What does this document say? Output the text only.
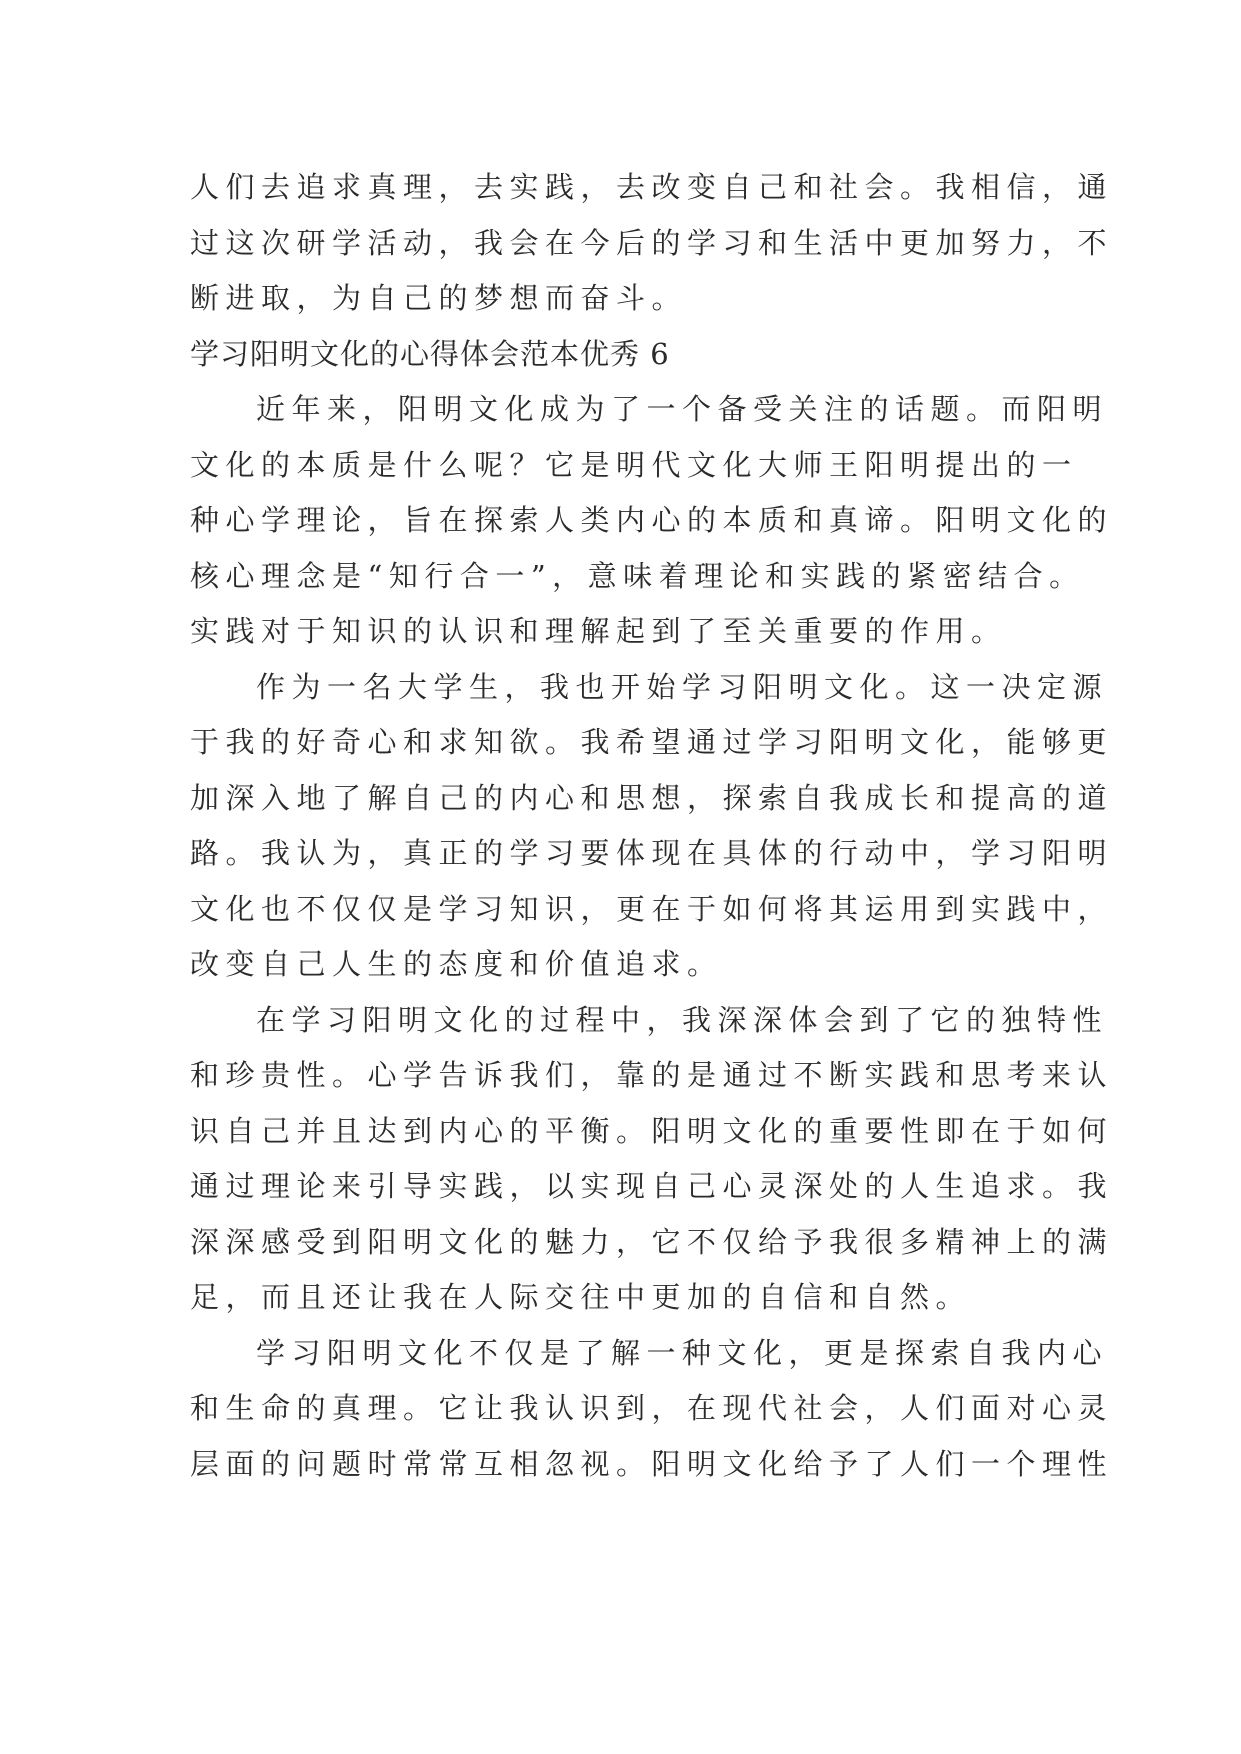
人们去追求真理，去实践，去改变自己和社会。我相信，通
过这次研学活动，我会在今后的学习和生活中更加努力，不
断进取，为自己的梦想而奋斗。
学习阳明文化的心得体会范本优秀 6
近年来，阳明文化成为了一个备受关注的话题。而阳明
文化的本质是什么呢？它是明代文化大师王阳明提出的一
种心学理论，旨在探索人类内心的本质和真谛。阳明文化的
核心理念是“知行合一”，意味着理论和实践的紧密结合。
实践对于知识的认识和理解起到了至关重要的作用。
作为一名大学生，我也开始学习阳明文化。这一决定源
于我的好奇心和求知欲。我希望通过学习阳明文化，能够更
加深入地了解自己的内心和思想，探索自我成长和提高的道
路。我认为，真正的学习要体现在具体的行动中，学习阳明
文化也不仅仅是学习知识，更在于如何将其运用到实践中，
改变自己人生的态度和价值追求。
在学习阳明文化的过程中，我深深体会到了它的独特性
和珍贵性。心学告诉我们，靠的是通过不断实践和思考来认
识自己并且达到内心的平衡。阳明文化的重要性即在于如何
通过理论来引导实践，以实现自己心灵深处的人生追求。我
深深感受到阳明文化的魅力，它不仅给予我很多精神上的满
足，而且还让我在人际交往中更加的自信和自然。
学习阳明文化不仅是了解一种文化，更是探索自我内心
和生命的真理。它让我认识到，在现代社会，人们面对心灵
层面的问题时常常互相忽视。阳明文化给予了人们一个理性
